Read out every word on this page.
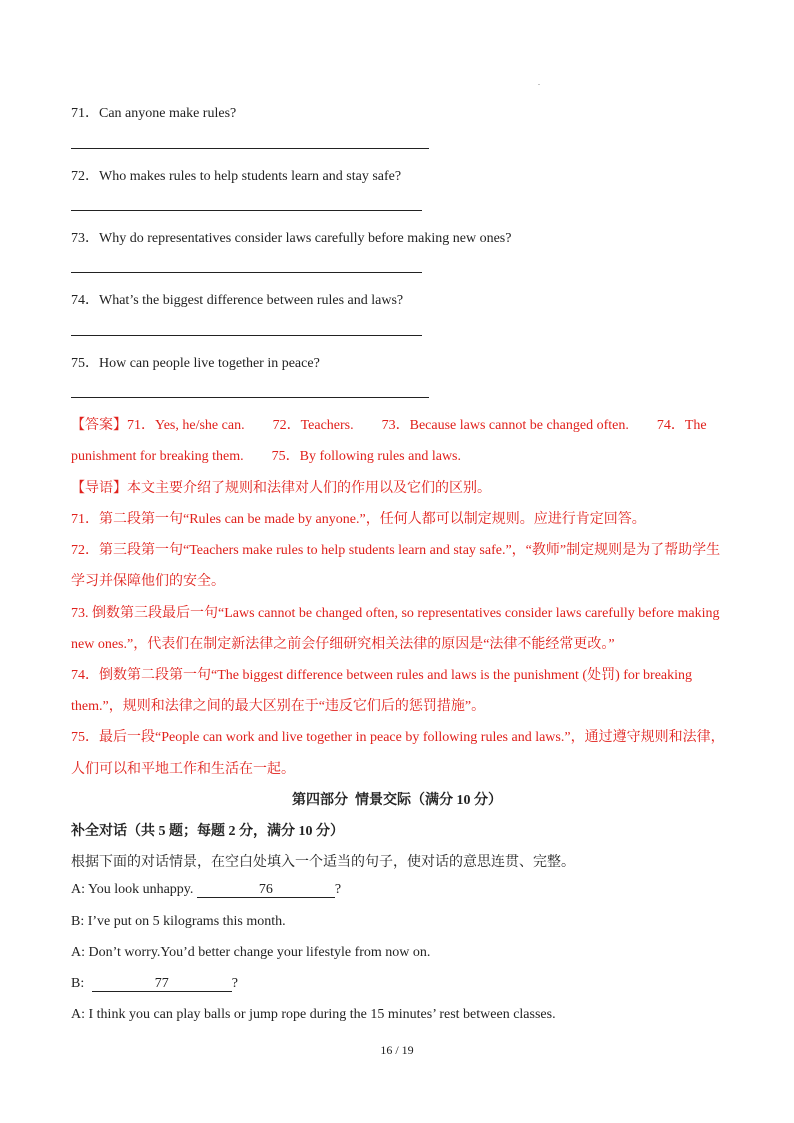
.
71．Can anyone make rules?
72．Who makes rules to help students learn and stay safe?
73．Why do representatives consider laws carefully before making new ones?
74．What’s the biggest difference between rules and laws?
75．How can people live together in peace?
【答案】71．Yes, he/she can.        72．Teachers.        73．Because laws cannot be changed often.        74．The
punishment for breaking them.        75．By following rules and laws.
【导语】本文主要介绍了规则和法律对人们的作用以及它们的区别。
71．第二段第一句“Rules can be made by anyone.”，任何人都可以制定规则。应进行肯定回答。
72．第三段第一句“Teachers make rules to help students learn and stay safe.”，“教师”制定规则是为了帮助学生
学习并保障他们的安全。
73. 倒数第三段最后一句“Laws cannot be changed often, so representatives consider laws carefully before making
new ones.”，代表们在制定新法律之前会仔细研究相关法律的原因是“法律不能经常更改。”
74．倒数第二段第一句“The biggest difference between rules and laws is the punishment (处罚) for breaking
them.”，规则和法律之间的最大区别在于“违反它们后的惩罚措施”。
75．最后一段“People can work and live together in peace by following rules and laws.”，通过遵守规则和法律，
人们可以和平地工作和生活在一起。
第四部分  情景交际（满分 10 分）
补全对话（共 5 题；每题 2 分，满分 10 分）
根据下面的对话情景，在空白处填入一个适当的句子，使对话的意思连贯、完整。
A: You look unhappy.	76	?
B: I’ve put on 5 kilograms this month.
A: Don’t worry.You’d better change your lifestyle from now on.
B:	77	?
A: I think you can play balls or jump rope during the 15 minutes’ rest between classes.
16 / 19
